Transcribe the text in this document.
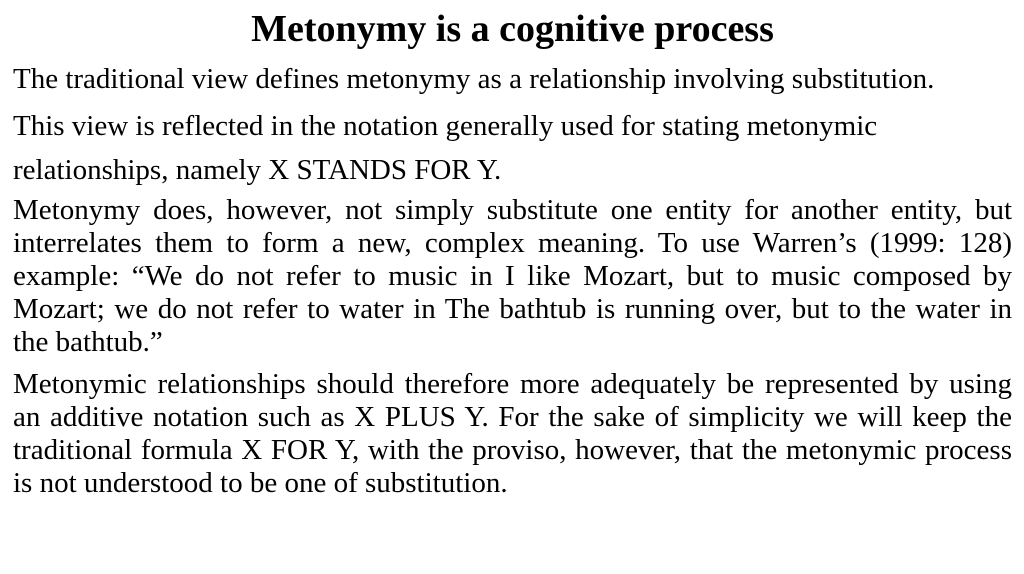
Metonymy is a cognitive process

The traditional view defines metonymy as a relationship involving substitution.

This view is reflected in the notation generally used for stating metonymic
relationships, namely X STANDS FOR Y.

Metonymy does, however, not simply substitute one entity for another entity, but interrelates them to form a new, complex meaning. To use Warren’s (1999: 128) example: “We do not refer to music in I like Mozart, but to music composed by Mozart; we do not refer to water in The bathtub is running over, but to the water in the bathtub.”

Metonymic relationships should therefore more adequately be represented by using an additive notation such as X PLUS Y. For the sake of simplicity we will keep the traditional formula X FOR Y, with the proviso, however, that the metonymic process is not understood to be one of substitution.
